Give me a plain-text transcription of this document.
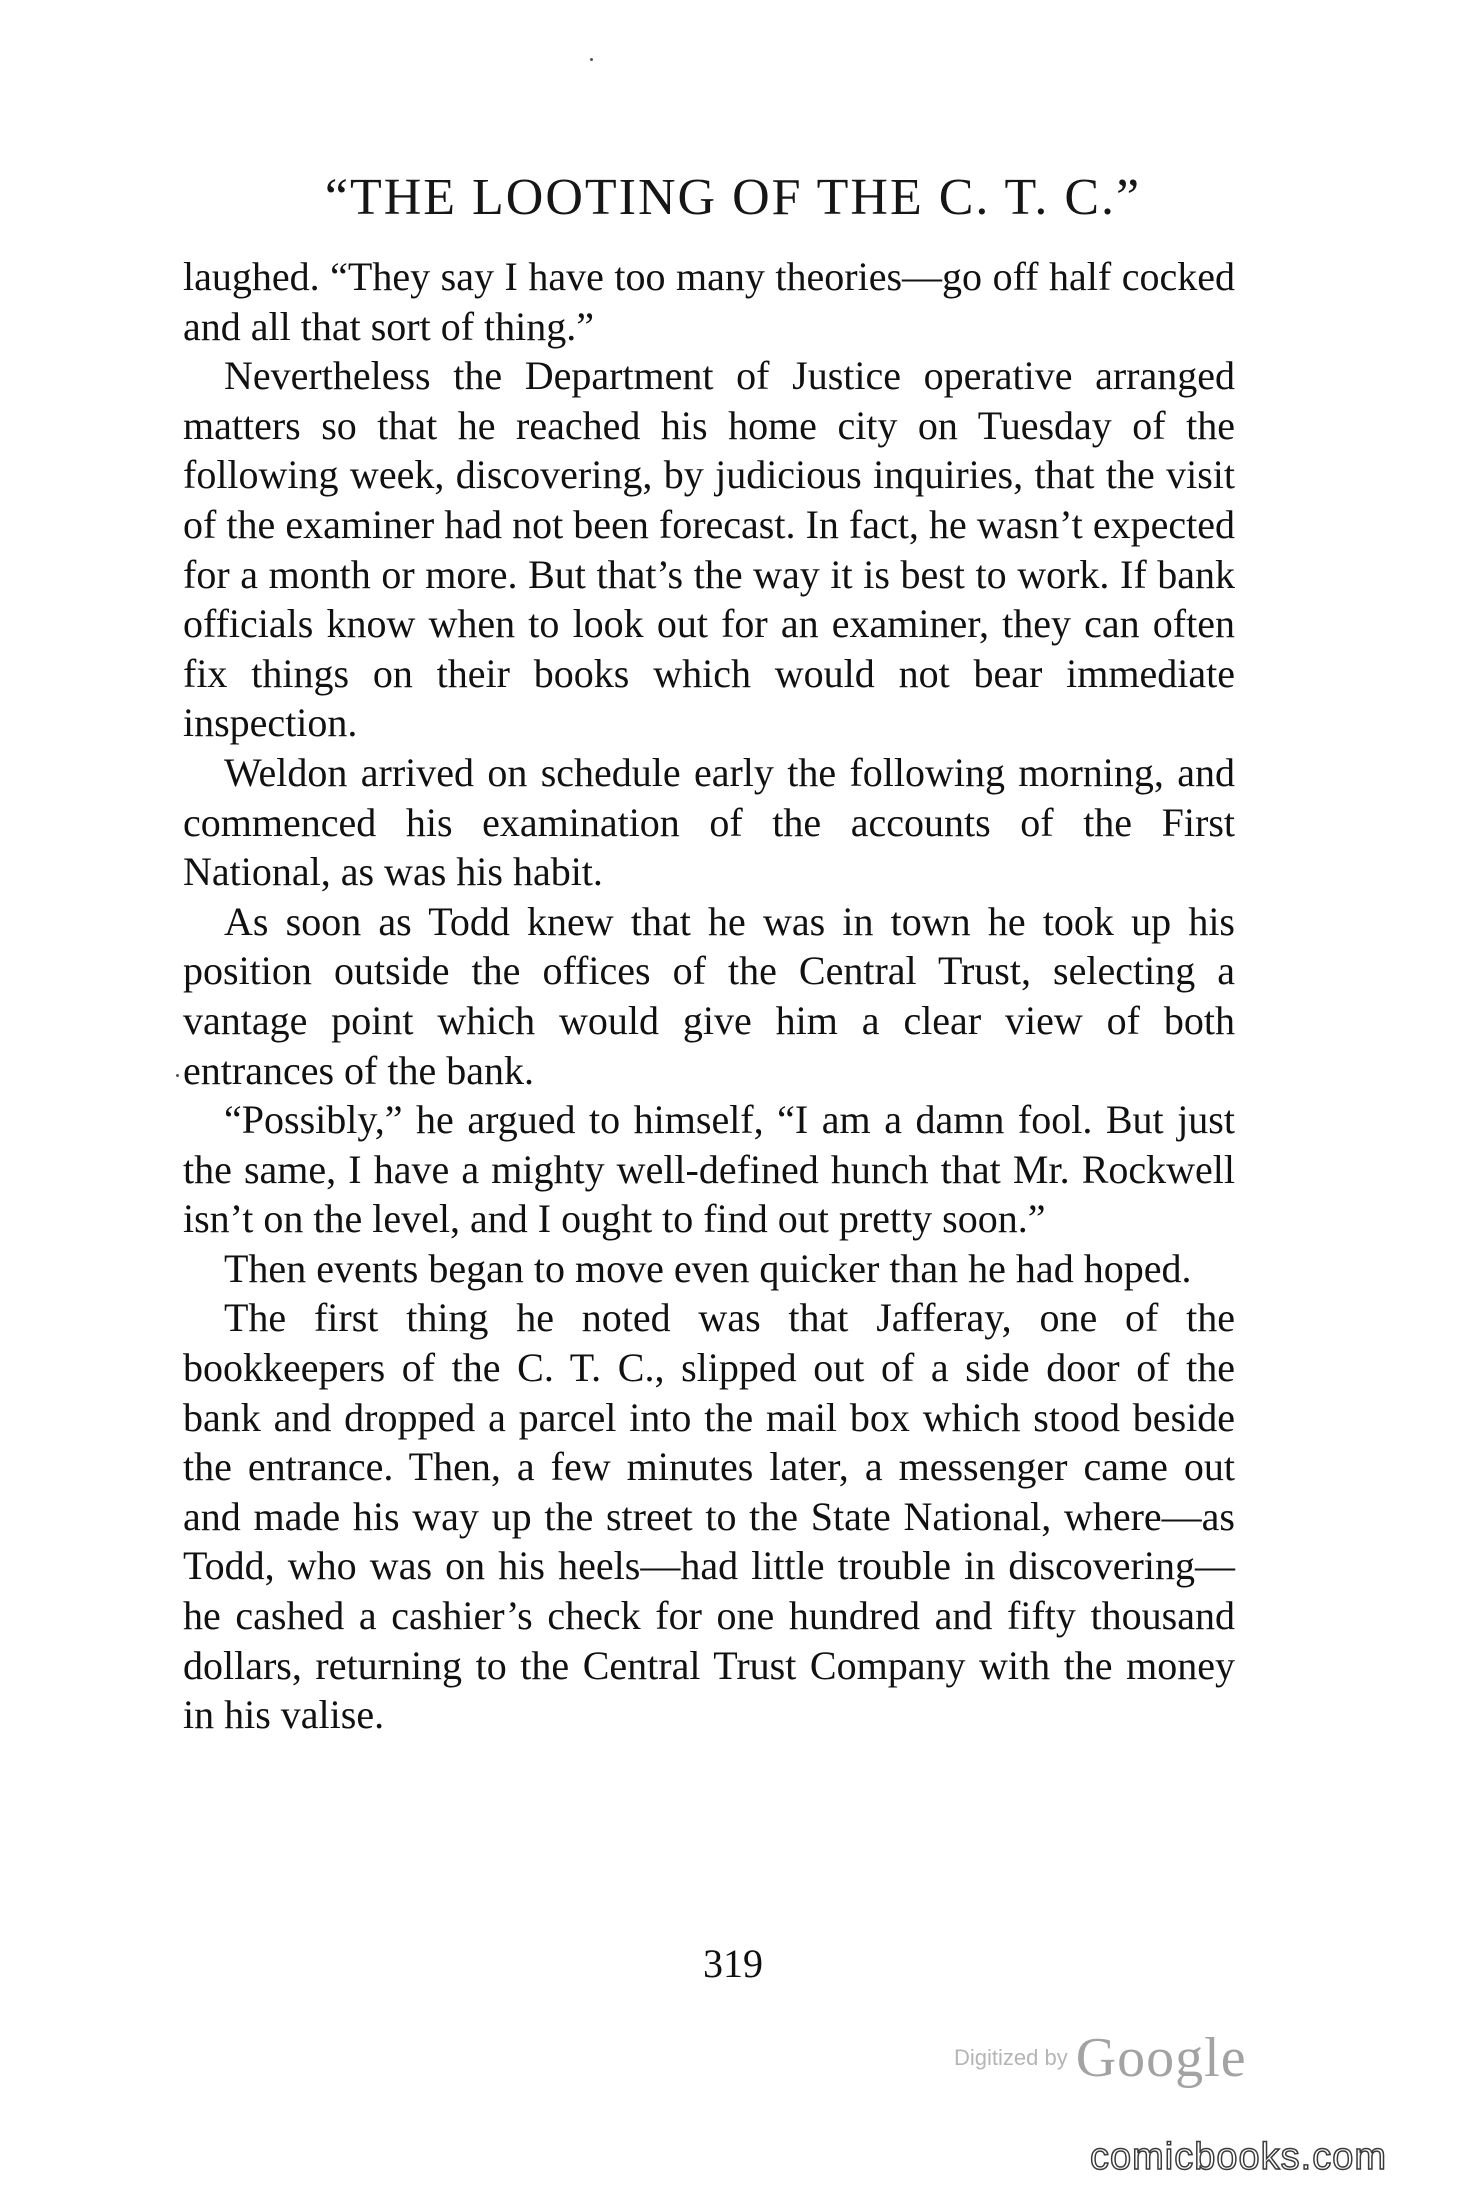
“THE LOOTING OF THE C. T. C.”

laughed. “They say I have too many theories—go off half cocked and all that sort of thing.”

Nevertheless the Department of Justice operative arranged matters so that he reached his home city on Tuesday of the following week, discovering, by judicious inquiries, that the visit of the examiner had not been forecast. In fact, he wasn’t expected for a month or more. But that’s the way it is best to work. If bank officials know when to look out for an examiner, they can often fix things on their books which would not bear immediate inspection.

Weldon arrived on schedule early the following morning, and commenced his examination of the accounts of the First National, as was his habit.

As soon as Todd knew that he was in town he took up his position outside the offices of the Central Trust, selecting a vantage point which would give him a clear view of both entrances of the bank.

“Possibly,” he argued to himself, “I am a damn fool. But just the same, I have a mighty well-defined hunch that Mr. Rockwell isn’t on the level, and I ought to find out pretty soon.”

Then events began to move even quicker than he had hoped.

The first thing he noted was that Jafferay, one of the bookkeepers of the C. T. C., slipped out of a side door of the bank and dropped a parcel into the mail box which stood beside the entrance. Then, a few minutes later, a messenger came out and made his way up the street to the State National, where—as Todd, who was on his heels—had little trouble in discovering—he cashed a cashier’s check for one hundred and fifty thousand dollars, returning to the Central Trust Company with the money in his valise.

319
Digitized by Google
comicbooks.com
